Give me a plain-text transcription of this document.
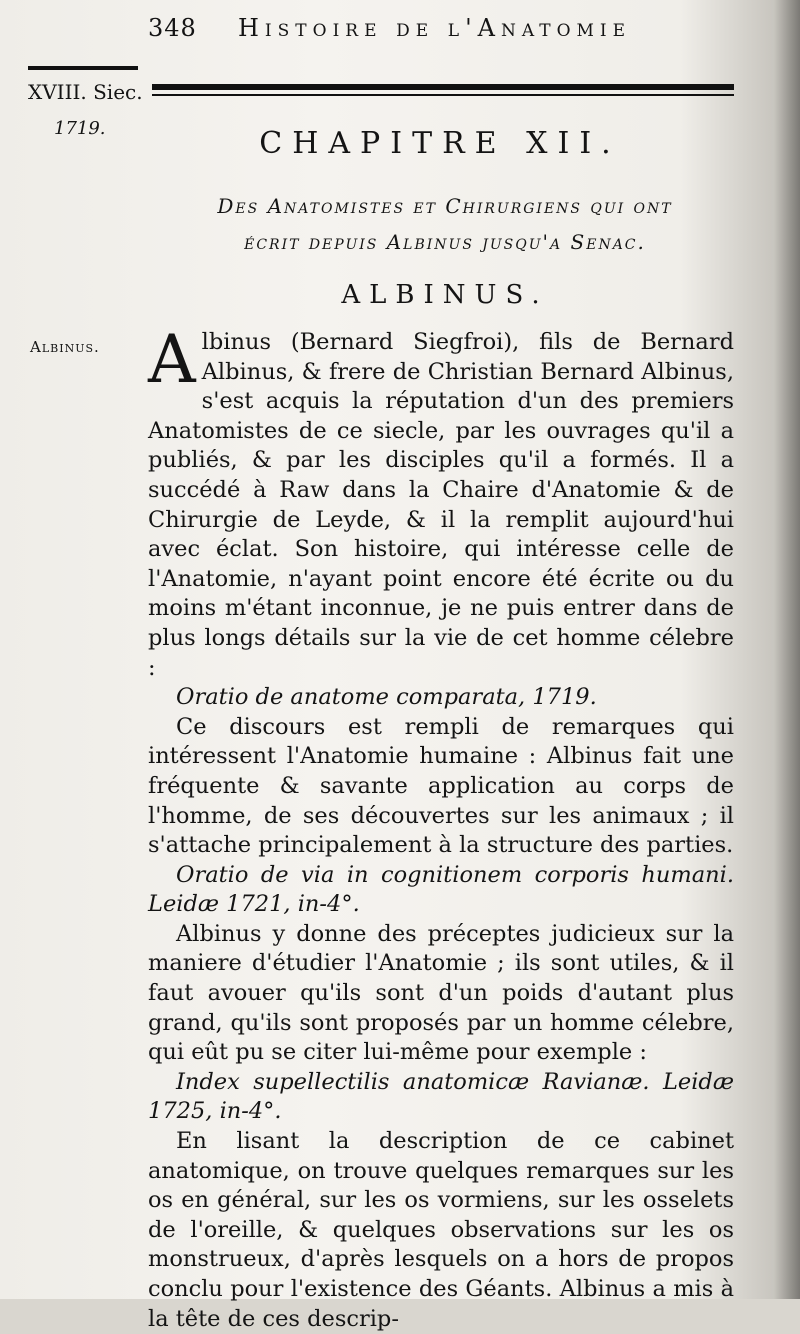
348 Histoire de l'Anatomie
XVIII. Siec.
1719.	CHAPITRE XII.
Des Anatomistes et Chirurgiens qui ont
écrit depuis Albinus jusqu'a Senac.
ALBINUS.
Albinus. Albinus (Bernard Siegfroi), fils de Bernard Albinus, & frere de Christian Bernard Albinus, s'est acquis la réputation d'un des premiers Anatomistes de ce siecle, par les ouvrages qu'il a publiés, & par les disciples qu'il a formés. Il a succédé à Raw dans la Chaire d'Anatomie & de Chirurgie de Leyde, & il la remplit aujourd'hui avec éclat. Son histoire, qui intéresse celle de l'Anatomie, n'ayant point encore été écrite ou du moins m'étant inconnue, je ne puis entrer dans de plus longs détails sur la vie de cet homme célebre :

Oratio de anatome comparata, 1719.

Ce discours est rempli de remarques qui intéressent l'Anatomie humaine : Albinus fait une fréquente & savante application au corps de l'homme, de ses découvertes sur les animaux ; il s'attache principalement à la structure des parties.

Oratio de via in cognitionem corporis humani. Leidæ 1721, in-4°.

Albinus y donne des préceptes judicieux sur la maniere d'étudier l'Anatomie ; ils sont utiles, & il faut avouer qu'ils sont d'un poids d'autant plus grand, qu'ils sont proposés par un homme célebre, qui eût pu se citer lui-même pour exemple :

Index supellectilis anatomicæ Ravianæ. Leidæ 1725, in-4°.

En lisant la description de ce cabinet anatomique, on trouve quelques remarques sur les os en général, sur les os vormiens, sur les osselets de l'oreille, & quelques observations sur les os monstrueux, d'après lesquels on a hors de propos conclu pour l'existence des Géants. Albinus a mis à la tête de ces descrip-
